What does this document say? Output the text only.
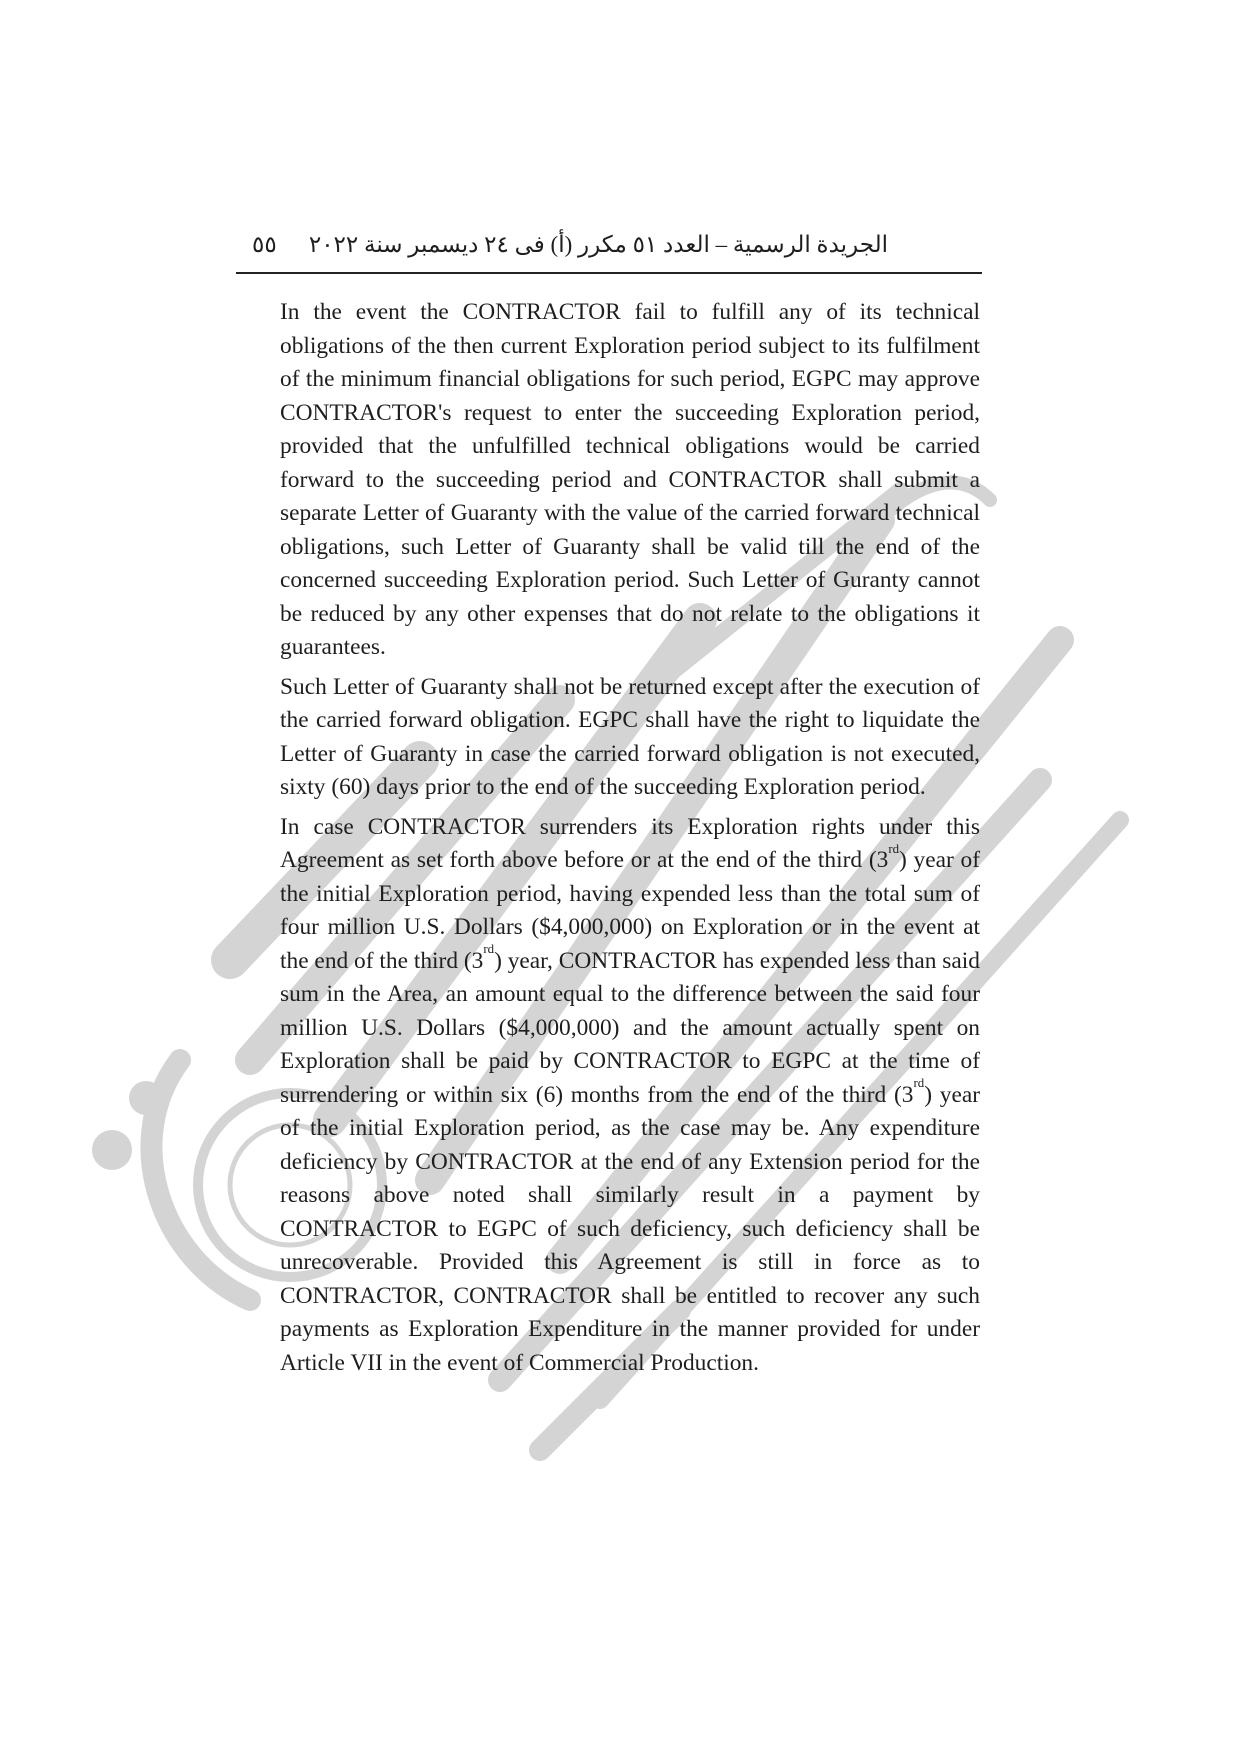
الجريدة الرسمية – العدد ٥١ مكرر (أ) فى ٢٤ ديسمبر سنة ٢٠٢٢
٥٥

In the event the CONTRACTOR fail to fulfill any of its technical obligations of the then current Exploration period subject to its fulfilment of the minimum financial obligations for such period, EGPC may approve CONTRACTOR's request to enter the succeeding Exploration period, provided that the unfulfilled technical obligations would be carried forward to the succeeding period and CONTRACTOR shall submit a separate Letter of Guaranty with the value of the carried forward technical obligations, such Letter of Guaranty shall be valid till the end of the concerned succeeding Exploration period. Such Letter of Guranty cannot be reduced by any other expenses that do not relate to the obligations it guarantees.

Such Letter of Guaranty shall not be returned except after the execution of the carried forward obligation. EGPC shall have the right to liquidate the Letter of Guaranty in case the carried forward obligation is not executed, sixty (60) days prior to the end of the succeeding Exploration period.

In case CONTRACTOR surrenders its Exploration rights under this Agreement as set forth above before or at the end of the third (3rd) year of the initial Exploration period, having expended less than the total sum of four million U.S. Dollars ($4,000,000) on Exploration or in the event at the end of the third (3rd) year, CONTRACTOR has expended less than said sum in the Area, an amount equal to the difference between the said four million U.S. Dollars ($4,000,000) and the amount actually spent on Exploration shall be paid by CONTRACTOR to EGPC at the time of surrendering or within six (6) months from the end of the third (3rd) year of the initial Exploration period, as the case may be. Any expenditure deficiency by CONTRACTOR at the end of any Extension period for the reasons above noted shall similarly result in a payment by CONTRACTOR to EGPC of such deficiency, such deficiency shall be unrecoverable. Provided this Agreement is still in force as to CONTRACTOR, CONTRACTOR shall be entitled to recover any such payments as Exploration Expenditure in the manner provided for under Article VII in the event of Commercial Production.
